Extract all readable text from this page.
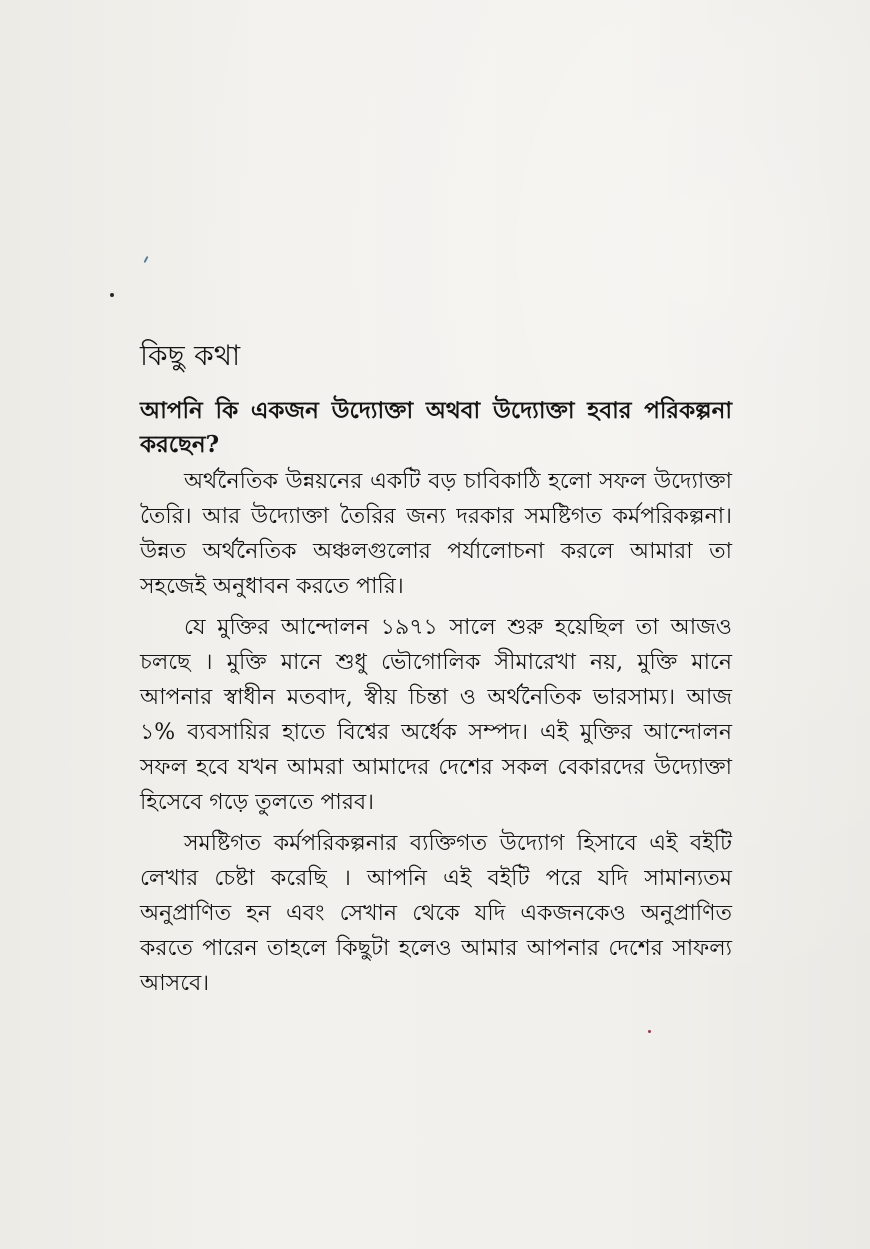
কিছু কথা

আপনি কি একজন উদ্যোক্তা অথবা উদ্যোক্তা হবার পরিকল্পনা করছেন?

অর্থনৈতিক উন্নয়নের একটি বড় চাবিকাঠি হলো সফল উদ্যোক্তা তৈরি। আর উদ্যোক্তা তৈরির জন্য দরকার সমষ্টিগত কর্মপরিকল্পনা। উন্নত অর্থনৈতিক অঞ্চলগুলোর পর্যালোচনা করলে আমারা তা সহজেই অনুধাবন করতে পারি।

যে মুক্তির আন্দোলন ১৯৭১ সালে শুরু হয়েছিল তা আজও চলছে । মুক্তি মানে শুধু ভৌগোলিক সীমারেখা নয়, মুক্তি মানে আপনার স্বাধীন মতবাদ, স্বীয় চিন্তা ও অর্থনৈতিক ভারসাম্য। আজ ১% ব্যবসায়ির হাতে বিশ্বের অর্ধেক সম্পদ। এই মুক্তির আন্দোলন সফল হবে যখন আমরা আমাদের দেশের সকল বেকারদের উদ্যোক্তা হিসেবে গড়ে তুলতে পারব।

সমষ্টিগত কর্মপরিকল্পনার ব্যক্তিগত উদ্যোগ হিসাবে এই বইটি লেখার চেষ্টা করেছি । আপনি এই বইটি পরে যদি সামান্যতম অনুপ্রাণিত হন এবং সেখান থেকে যদি একজনকেও অনুপ্রাণিত করতে পারেন তাহলে কিছুটা হলেও আমার আপনার দেশের সাফল্য আসবে।
